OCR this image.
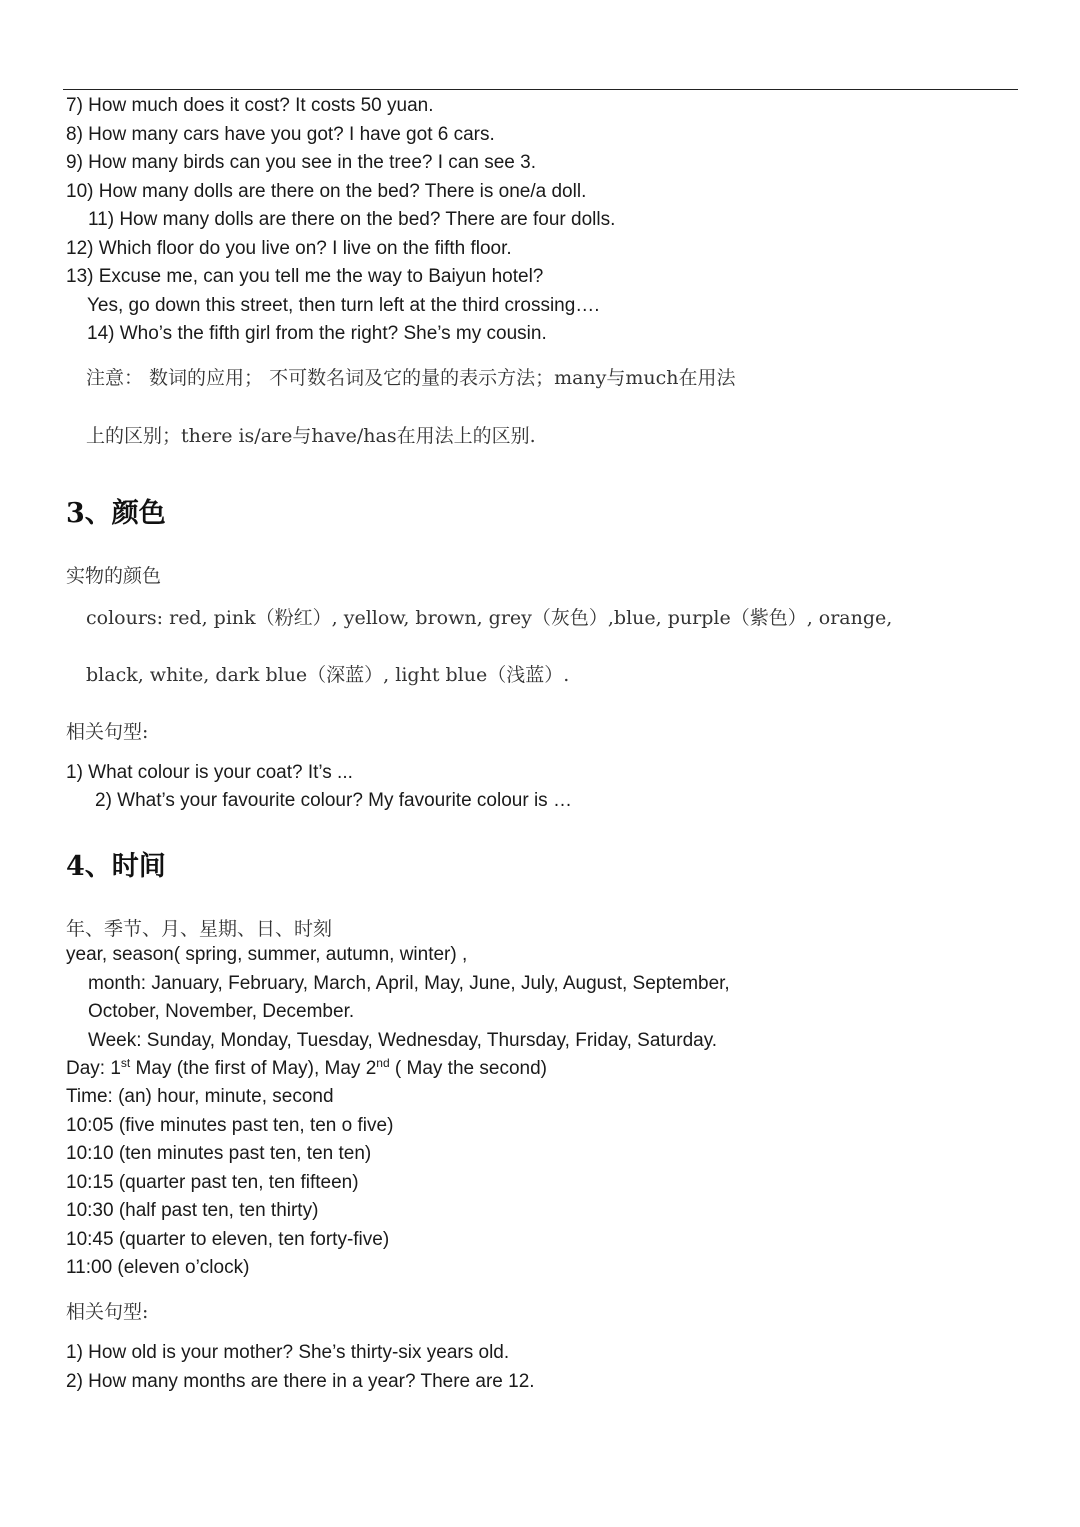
7) How much does it cost? It costs 50 yuan.
8) How many cars have you got? I have got 6 cars.
9) How many birds can you see in the tree? I can see 3.
10) How many dolls are there on the bed? There is one/a doll.
11) How many dolls are there on the bed? There are four dolls.
12) Which floor do you live on? I live on the fifth floor.
13) Excuse me, can you tell me the way to Baiyun hotel?
Yes, go down this street, then turn left at the third crossing….
14) Who’s the fifth girl from the right? She’s my cousin.
注意： 数词的应用； 不可数名词及它的量的表示方法；many与much在用法
上的区别；there is/are与have/has在用法上的区别.
3、颜色
实物的颜色
colours: red, pink（粉红）, yellow, brown, grey（灰色）,blue, purple（紫色）, orange,
black, white, dark blue（深蓝）, light blue（浅蓝）.
相关句型:
1) What colour is your coat? It’s ...
2) What’s your favourite colour? My favourite colour is …
4、时间
年、季节、月、星期、日、时刻
year, season( spring, summer, autumn, winter) ,
month: January, February, March, April, May, June, July, August, September,
October, November, December.
Week: Sunday, Monday, Tuesday, Wednesday, Thursday, Friday, Saturday.
Day: 1st May (the first of May), May 2nd ( May the second)
Time: (an) hour, minute, second
10:05 (five minutes past ten, ten o five)
10:10 (ten minutes past ten, ten ten)
10:15 (quarter past ten, ten fifteen)
10:30 (half past ten, ten thirty)
10:45 (quarter to eleven, ten forty-five)
11:00 (eleven o’clock)
相关句型:
1) How old is your mother? She’s thirty-six years old.
2) How many months are there in a year? There are 12.
